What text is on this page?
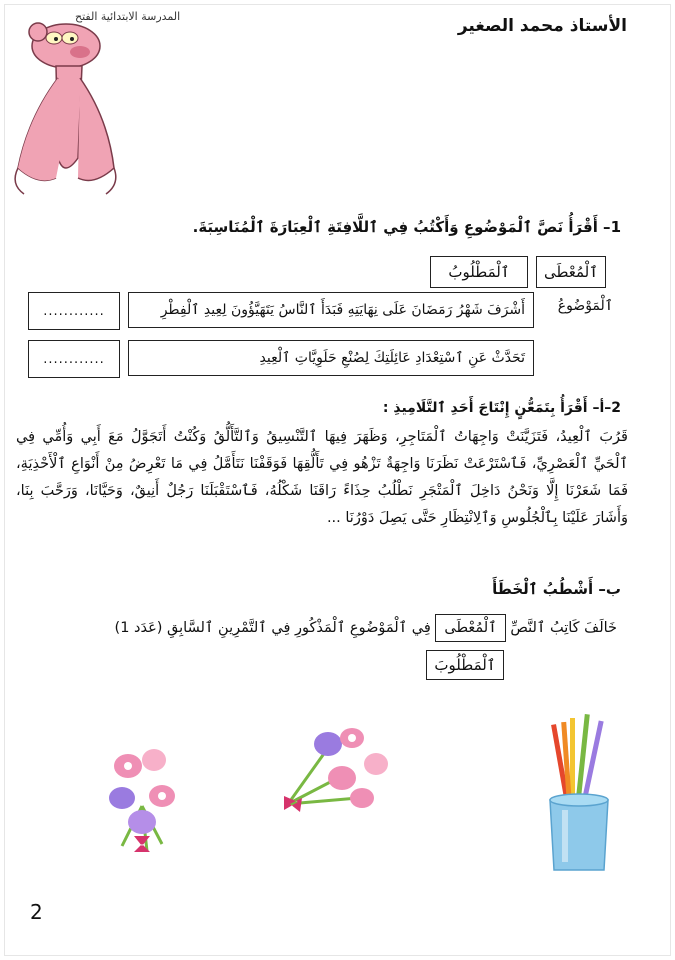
المدرسة الابتدائية الفتح	الأستاذ محمد الصغير
1– أَقْرَأُ نَصَّ ٱلْمَوْضُوعِ وَأَكْتُبُ فِي ٱللَّافِتَةِ ٱلْعِبَارَةَ ٱلْمُنَاسِبَةَ.
ٱلْمُعْطَى
ٱلْمَطْلُوبُ
ٱلْمَوْضُوعُ
أَشْرَفَ شَهْرُ رَمَضَانَ عَلَى نِهَايَتِهِ فَبَدَأَ ٱلنَّاسُ يَتَهَيَّؤُونَ لِعِيدِ ٱلْفِطْرِ
............
تَحَدَّثْ عَنِ ٱسْتِعْدَادِ عَائِلَتِكَ لِصُنْعِ حَلَوِيَّاتِ ٱلْعِيدِ
............
2–أ– أَقْرَأُ بِتَمَعُّنٍ إِنْتَاجَ أَحَدِ ٱلتَّلَامِيذِ :
قَرُبَ ٱلْعِيدُ، فَتَزَيَّنَتْ وَاجِهَاتُ ٱلْمَتَاجِرِ، وَظَهَرَ فِيهَا ٱلتَّنْسِيقُ وَٱلتَّأَلُّقُ وَكُنْتُ أَتَجَوَّلُ مَعَ أَبِي وَأُمِّي فِي ٱلْحَيِّ ٱلْعَصْرِيِّ، فَٱسْتَرْعَتْ نَظَرَنَا وَاجِهَةٌ تَزْهُو فِي تَأَلُّقِهَا فَوَقَفْنَا نَتَأَمَّلُ فِي مَا تَعْرِضُ مِنْ أَنْوَاعِ ٱلْأَحْذِيَةِ، فَمَا شَعَرْنَا إِلَّا وَنَحْنُ دَاخِلَ ٱلْمَتْجَرِ نَطْلُبُ حِذَاءً رَاقَنَا شَكْلُهُ، فَٱسْتَقْبَلَنَا رَجُلٌ أَنِيقٌ، وَحَيَّانَا، وَرَحَّبَ بِنَا، وَأَشَارَ عَلَيْنَا بِٱلْجُلُوسِ وَٱلِانْتِظَارِ حَتَّى يَصِلَ دَوْرُنَا ...
ب– أَشْطُبُ ٱلْخَطَأَ
خَالَفَ كَاتِبُ ٱلنَّصِّ ٱلْمُعْطَى فِي ٱلْمَوْضُوعِ ٱلْمَذْكُورِ فِي ٱلتَّمْرِينِ ٱلسَّابِقِ (عَدَد 1)
ٱلْمَطْلُوبَ
2
